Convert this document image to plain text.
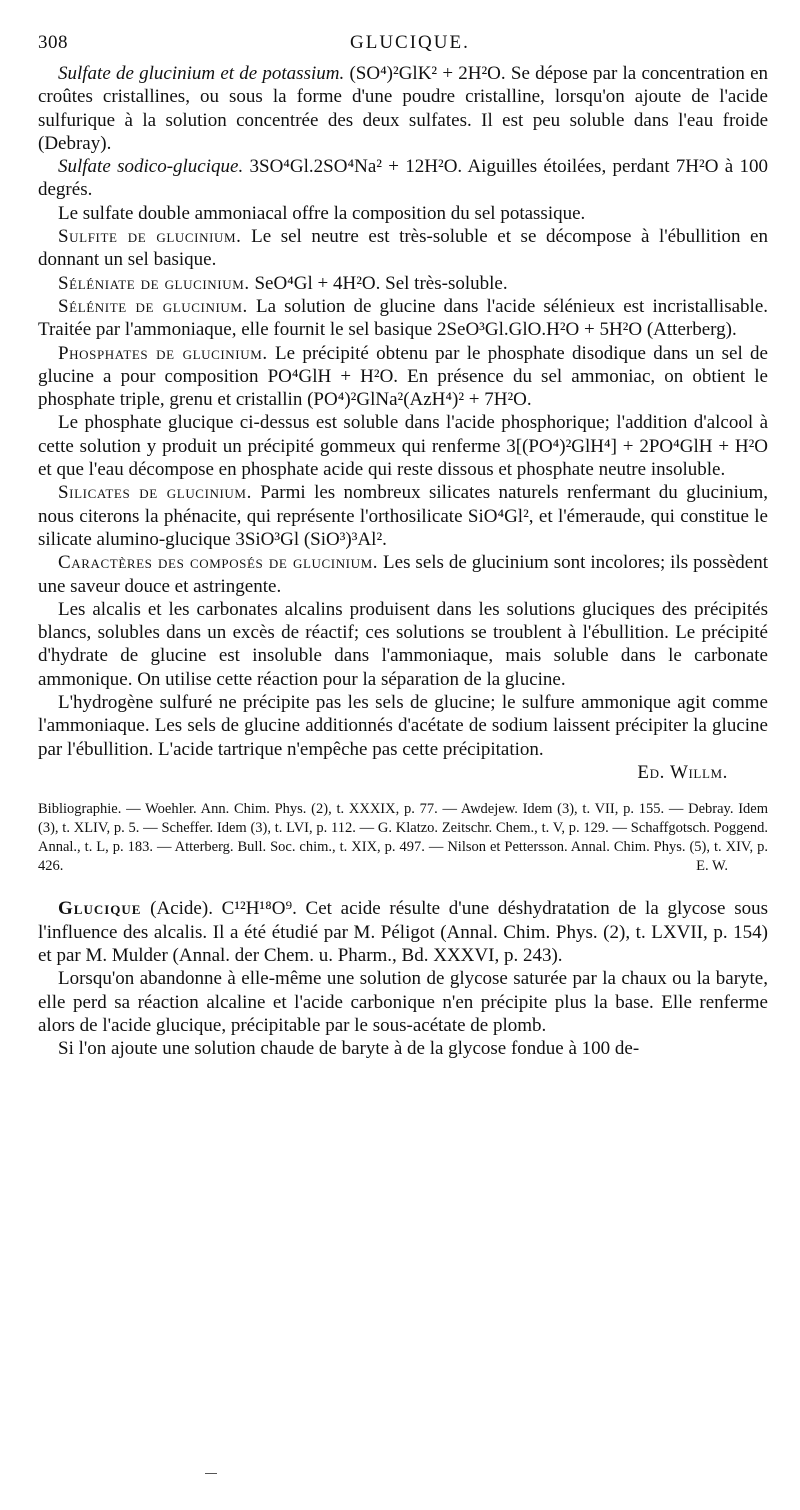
308	GLUCIQUE.

Sulfate de glucinium et de potassium. (SO⁴)²GlK² + 2H²O. Se dépose par la concentration en croûtes cristallines, ou sous la forme d'une poudre cristalline, lorsqu'on ajoute de l'acide sulfurique à la solution concentrée des deux sulfates. Il est peu soluble dans l'eau froide (Debray).

Sulfate sodico-glucique. 3SO⁴Gl.2SO⁴Na² + 12H²O. Aiguilles étoilées, perdant 7H²O à 100 degrés.

Le sulfate double ammoniacal offre la composition du sel potassique.

Sulfite de glucinium. Le sel neutre est très-soluble et se décompose à l'ébullition en donnant un sel basique.

Séléniate de glucinium. SeO⁴Gl + 4H²O. Sel très-soluble.

Sélénite de glucinium. La solution de glucine dans l'acide sélénieux est incristallisable. Traitée par l'ammoniaque, elle fournit le sel basique 2SeO³Gl.GlO.H²O + 5H²O (Atterberg).

Phosphates de glucinium. Le précipité obtenu par le phosphate disodique dans un sel de glucine a pour composition PO⁴GlH + H²O. En présence du sel ammoniac, on obtient le phosphate triple, grenu et cristallin (PO⁴)²GlNa²(AzH⁴)² + 7H²O.

Le phosphate glucique ci-dessus est soluble dans l'acide phosphorique; l'addition d'alcool à cette solution y produit un précipité gommeux qui renferme 3[(PO⁴)²GlH⁴] + 2PO⁴GlH + H²O et que l'eau décompose en phosphate acide qui reste dissous et phosphate neutre insoluble.

Silicates de glucinium. Parmi les nombreux silicates naturels renfermant du glucinium, nous citerons la phénacite, qui représente l'orthosilicate SiO⁴Gl², et l'émeraude, qui constitue le silicate alumino-glucique 3SiO³Gl (SiO³)³Al².

Caractères des composés de glucinium. Les sels de glucinium sont incolores; ils possèdent une saveur douce et astringente.

Les alcalis et les carbonates alcalins produisent dans les solutions gluciques des précipités blancs, solubles dans un excès de réactif; ces solutions se troublent à l'ébullition. Le précipité d'hydrate de glucine est insoluble dans l'ammoniaque, mais soluble dans le carbonate ammonique. On utilise cette réaction pour la séparation de la glucine.

L'hydrogène sulfuré ne précipite pas les sels de glucine; le sulfure ammonique agit comme l'ammoniaque. Les sels de glucine additionnés d'acétate de sodium laissent précipiter la glucine par l'ébullition. L'acide tartrique n'empêche pas cette précipitation.

Ed. Willm.

Bibliographie. — Woehler. Ann. Chim. Phys. (2), t. XXXIX, p. 77. — Awdejew. Idem (3), t. VII, p. 155. — Debray. Idem (3), t. XLIV, p. 5. — Scheffer. Idem (3), t. LVI, p. 112. — G. Klatzo. Zeitschr. Chem., t. V, p. 129. — Schaffgotsch. Poggend. Annal., t. L, p. 183. — Atterberg. Bull. Soc. chim., t. XIX, p. 497. — Nilson et Pettersson. Annal. Chim. Phys. (5), t. XIV, p. 426.	E. W.

Glucique (Acide). C¹²H¹⁸O⁹. Cet acide résulte d'une déshydratation de la glycose sous l'influence des alcalis. Il a été étudié par M. Péligot (Annal. Chim. Phys. (2), t. LXVII, p. 154) et par M. Mulder (Annal. der Chem. u. Pharm., Bd. XXXVI, p. 243).

Lorsqu'on abandonne à elle-même une solution de glycose saturée par la chaux ou la baryte, elle perd sa réaction alcaline et l'acide carbonique n'en précipite plus la base. Elle renferme alors de l'acide glucique, précipitable par le sous-acétate de plomb.

Si l'on ajoute une solution chaude de baryte à de la glycose fondue à 100 de-
